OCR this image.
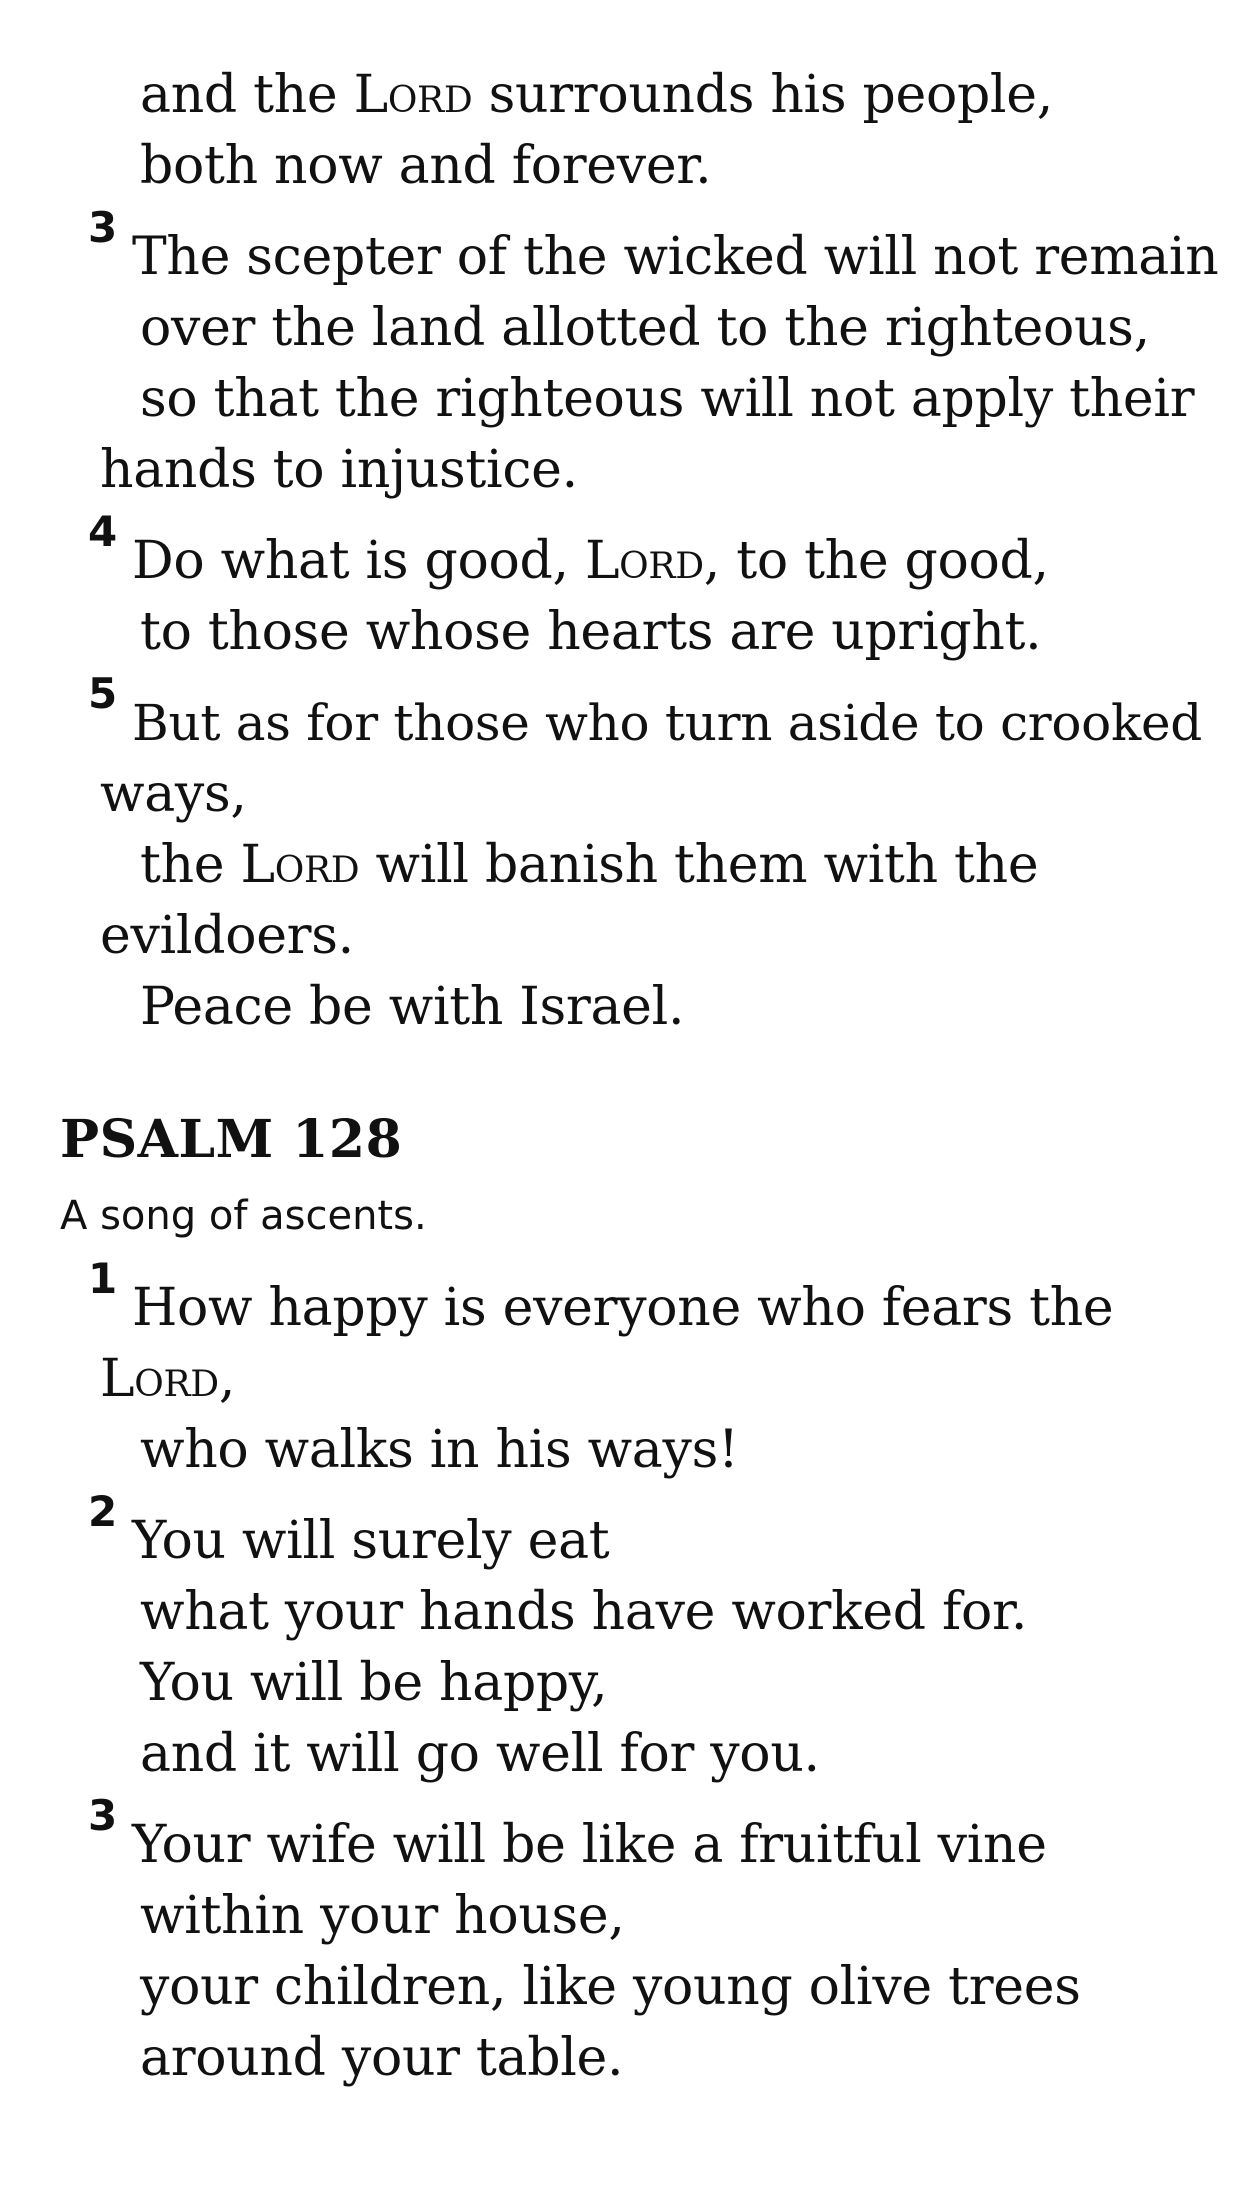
and the Lord surrounds his people,
both now and forever.
3 The scepter of the wicked will not remain
over the land allotted to the righteous,
so that the righteous will not apply their
hands to injustice.
4 Do what is good, Lord, to the good,
to those whose hearts are upright.
5
But as for those who turn aside to crooked
ways,
the Lord will banish them with the
evildoers.
Peace be with Israel.
PSALM 128
A song of ascents.
1 How happy is everyone who fears the
Lord,
who walks in his ways!
2 You will surely eat
what your hands have worked for.
You will be happy,
and it will go well for you.
3 Your wife will be like a fruitful vine
within your house,
your children, like young olive trees
around your table.
